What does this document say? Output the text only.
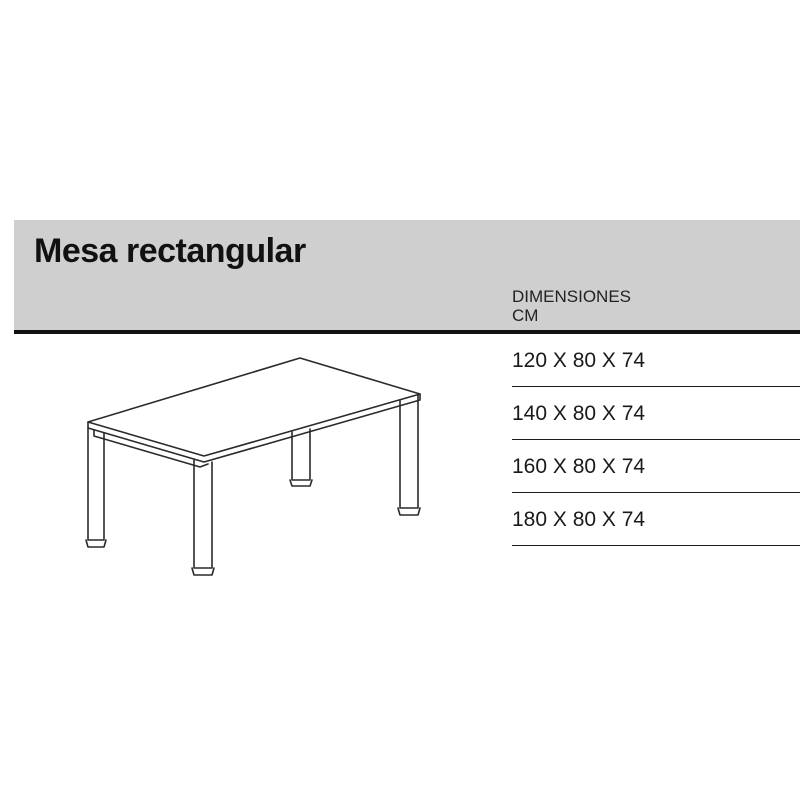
Mesa rectangular
DIMENSIONES
CM
120 X 80 X 74
140 X 80 X 74
160 X 80 X 74
180 X 80 X 74
